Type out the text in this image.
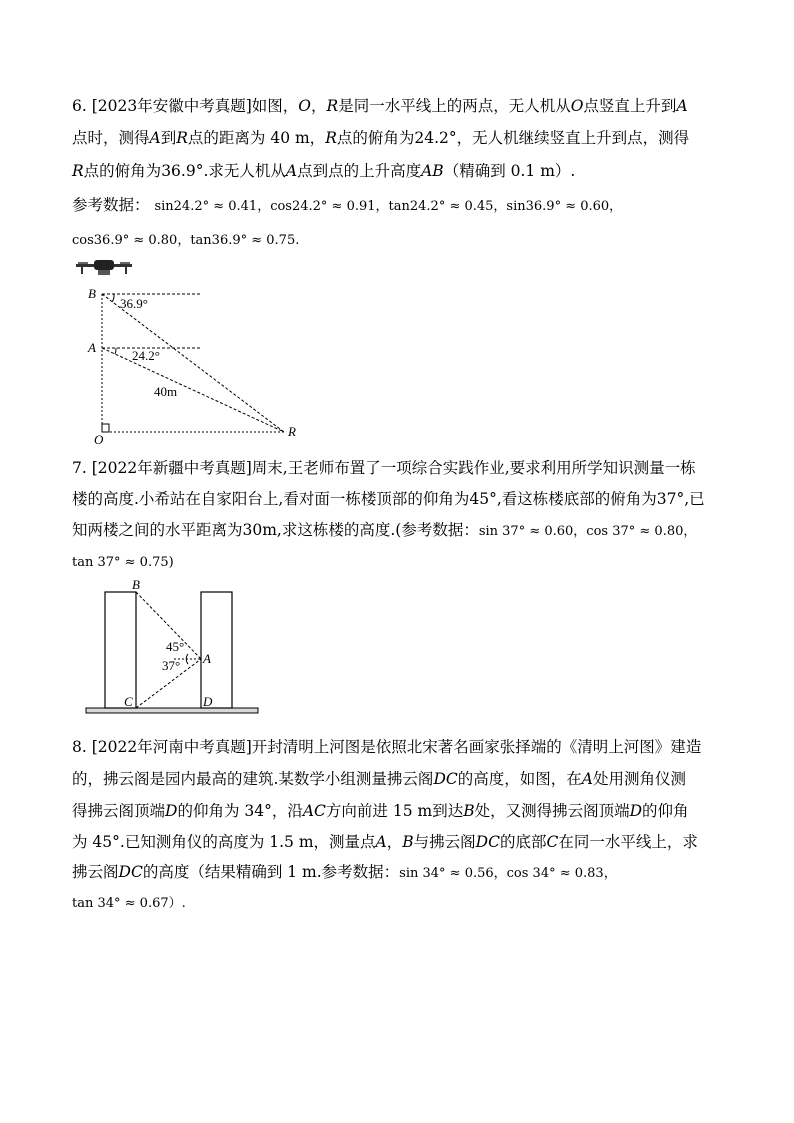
6. [2023年安徽中考真题]如图，O，R是同一水平线上的两点，无人机从O点竖直上升到A
点时，测得A到R点的距离为 40 m，R点的俯角为24.2°，无人机继续竖直上升到点，测得
R点的俯角为36.9°.求无人机从A点到点的上升高度AB（精确到 0.1 m）.
参考数据： sin24.2° ≈ 0.41，cos24.2° ≈ 0.91，tan24.2° ≈ 0.45，sin36.9° ≈ 0.60，
cos36.9° ≈ 0.80，tan36.9° ≈ 0.75.
B
A
O
R
36.9°
24.2°
40m
7. [2022年新疆中考真题]周末,王老师布置了一项综合实践作业,要求利用所学知识测量一栋
楼的高度.小希站在自家阳台上,看对面一栋楼顶部的仰角为45°,看这栋楼底部的俯角为37°,已
知两楼之间的水平距离为30m,求这栋楼的高度.(参考数据：sin 37° ≈ 0.60，cos 37° ≈ 0.80，
tan 37° ≈ 0.75)
B
A
C	D
45°
37°
8. [2022年河南中考真题]开封清明上河图是依照北宋著名画家张择端的《清明上河图》建造
的，拂云阁是园内最高的建筑.某数学小组测量拂云阁DC的高度，如图，在A处用测角仪测
得拂云阁顶端D的仰角为 34°，沿AC方向前进 15 m到达B处，又测得拂云阁顶端D的仰角
为 45°.已知测角仪的高度为 1.5 m，测量点A，B与拂云阁DC的底部C在同一水平线上，求
拂云阁DC的高度（结果精确到 1 m.参考数据：sin 34° ≈ 0.56，cos 34° ≈ 0.83，
tan 34° ≈ 0.67）.
